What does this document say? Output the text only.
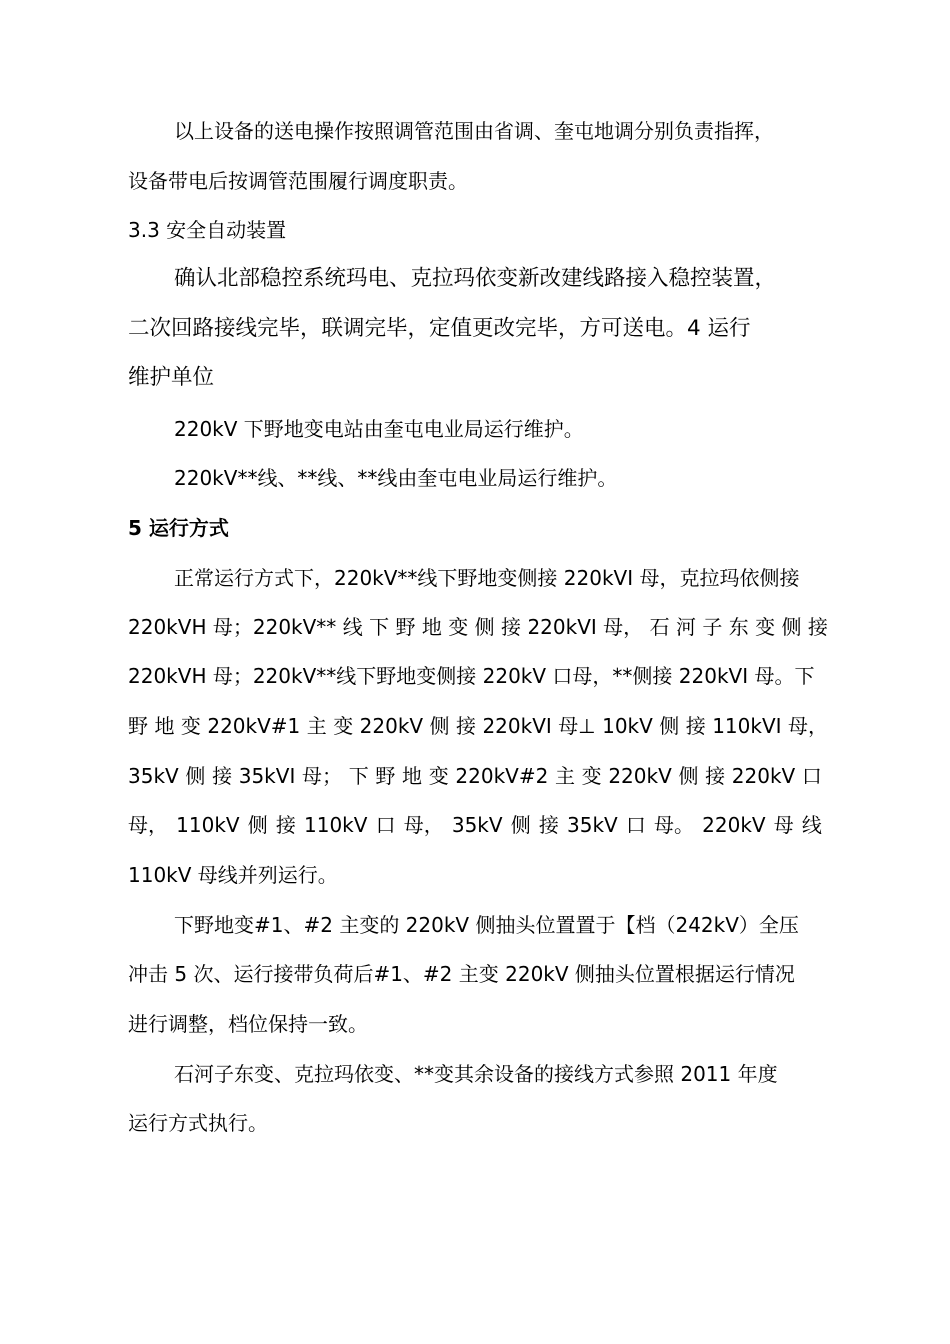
以上设备的送电操作按照调管范围由省调、奎屯地调分别负责指挥，
设备带电后按调管范围履行调度职责。
3.3 安全自动装置
确认北部稳控系统玛电、克拉玛依变新改建线路接入稳控装置，
二次回路接线完毕，联调完毕，定值更改完毕，方可送电。4 运行
维护单位
220kV 下野地变电站由奎屯电业局运行维护。
220kV**线、**线、**线由奎屯电业局运行维护。
5 运行方式
正常运行方式下，220kV**线下野地变侧接 220kVI 母，克拉玛依侧接
220kVH 母；220kV** 线 下 野 地 变 侧 接 220kVI 母， 石 河 子 东 变 侧 接
220kVH 母；220kV**线下野地变侧接 220kV 口母，**侧接 220kVI 母。下
野 地 变 220kV#1 主 变 220kV 侧 接 220kVI 母⊥ 10kV 侧 接 110kVI 母，
35kV 侧 接 35kVI 母； 下 野 地 变 220kV#2 主 变 220kV 侧 接 220kV 口
母， 110kV 侧 接 110kV 口 母， 35kV 侧 接 35kV 口 母。 220kV 母 线
110kV 母线并列运行。
下野地变#1、#2 主变的 220kV 侧抽头位置置于【档（242kV）全压
冲击 5 次、运行接带负荷后#1、#2 主变 220kV 侧抽头位置根据运行情况
进行调整，档位保持一致。
石河子东变、克拉玛依变、**变其余设备的接线方式参照 2011 年度
运行方式执行。
